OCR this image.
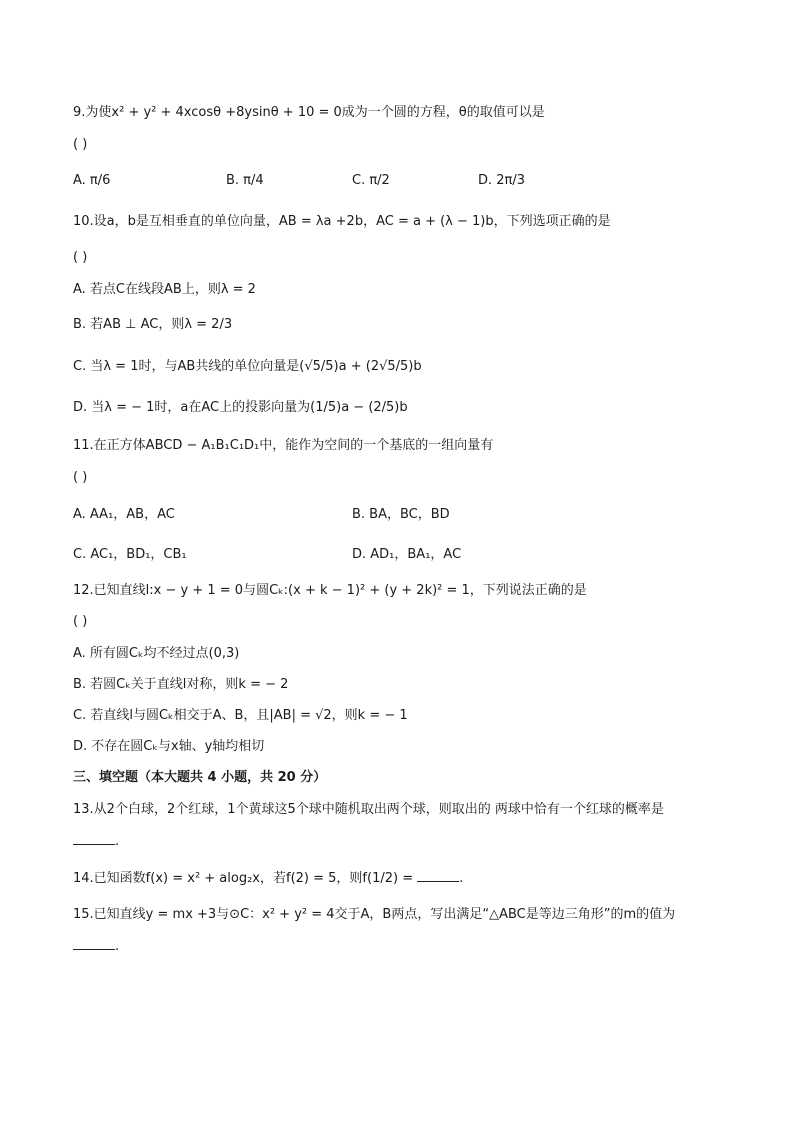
9.为使x² + y² + 4xcosθ +8ysinθ + 10 = 0成为一个圆的方程，θ的取值可以是
( )
A. π/6	B. π/4	C. π/2	D. 2π/3
10.设a，b是互相垂直的单位向量，AB = λa +2b，AC = a + (λ − 1)b，下列选项正确的是
( )
A. 若点C在线段AB上，则λ = 2
B. 若AB ⊥ AC，则λ = 2/3
C. 当λ = 1时，与AB共线的单位向量是(√5/5)a + (2√5/5)b
D. 当λ = − 1时，a在AC上的投影向量为(1/5)a − (2/5)b
11.在正方体ABCD − A₁B₁C₁D₁中，能作为空间的一个基底的一组向量有
( )
A. AA₁，AB，AC	B. BA，BC，BD
C. AC₁，BD₁，CB₁	D. AD₁，BA₁，AC
12.已知直线l:x − y + 1 = 0与圆Cₖ:(x + k − 1)² + (y + 2k)² = 1，下列说法正确的是
( )
A. 所有圆Cₖ均不经过点(0,3)
B. 若圆Cₖ关于直线l对称，则k = − 2
C. 若直线l与圆Cₖ相交于A、B，且|AB| = √2，则k = − 1
D. 不存在圆Cₖ与x轴、y轴均相切
三、填空题（本大题共 4 小题，共 20 分）
13.从2个白球，2个红球，1个黄球这5个球中随机取出两个球，则取出的 两球中恰有一个红球的概率是
.
14.已知函数f(x) = x² + alog₂x，若f(2) = 5，则f(1/2) =	.
15.已知直线y = mx +3与⊙C：x² + y² = 4交于A，B两点，写出满足“△ABC是等边三角形”的m的值为
.
